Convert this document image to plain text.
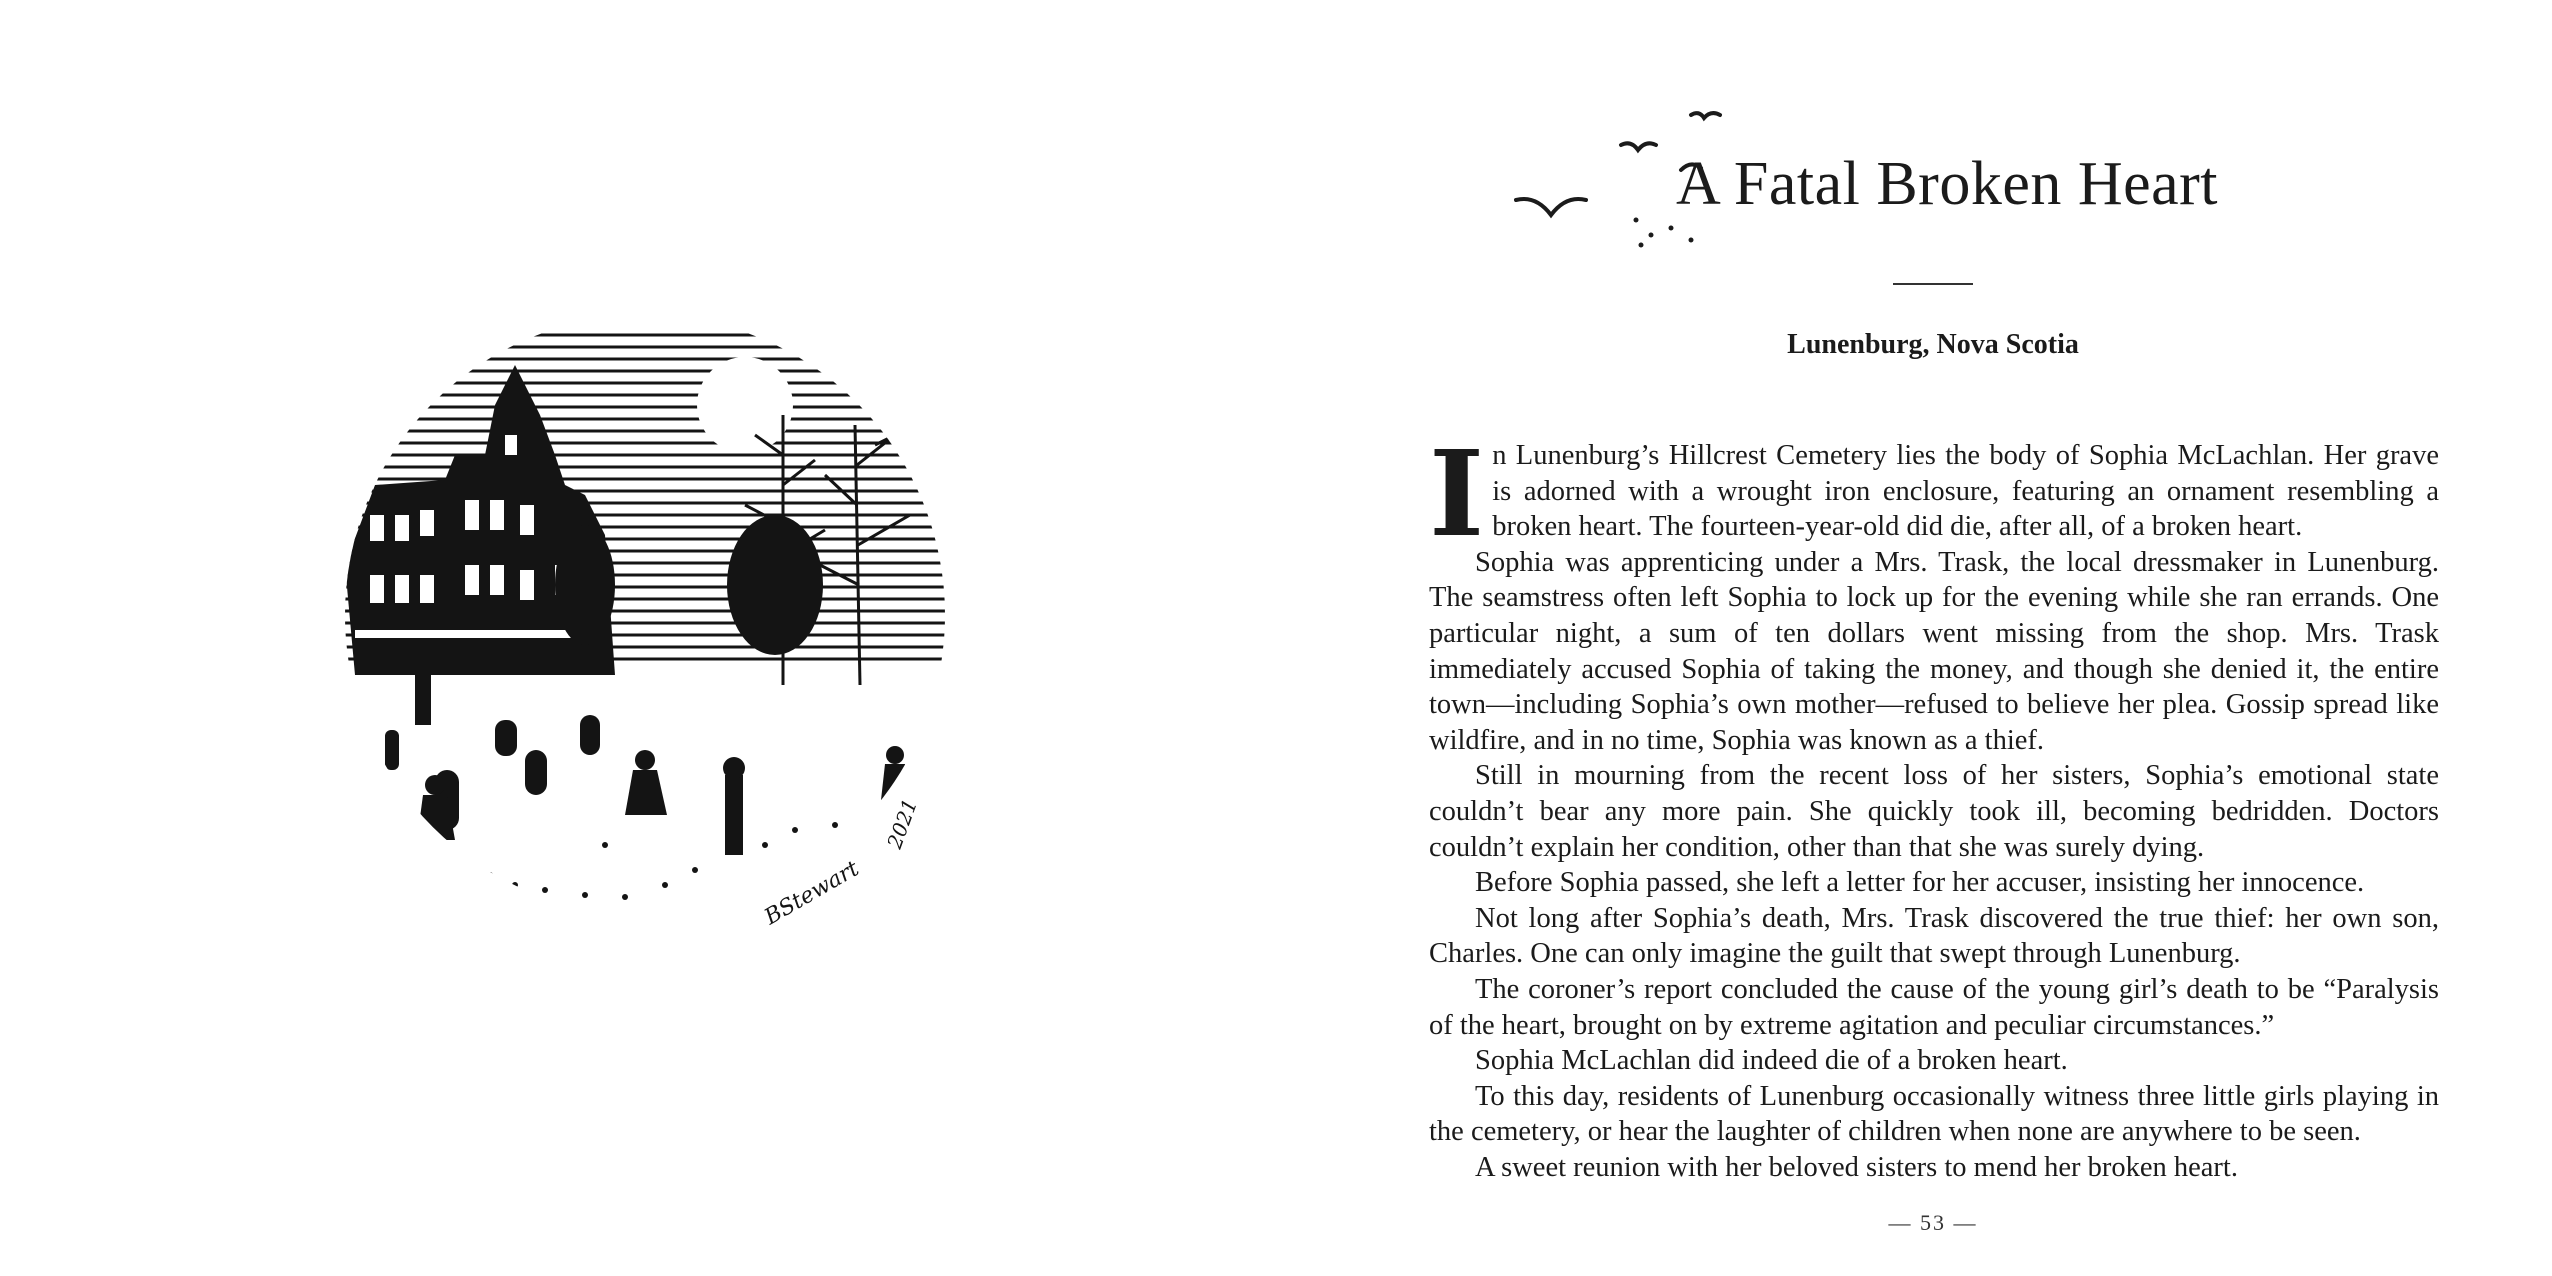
BStewart
2021
A Fatal Broken Heart
Lunenburg, Nova Scotia

In Lunenburg’s Hillcrest Cemetery lies the body of Sophia McLachlan. Her grave is adorned with a wrought iron enclosure, featuring an ornament resembling a broken heart. The fourteen-year-old did die, after all, of a broken heart.

Sophia was apprenticing under a Mrs. Trask, the local dressmaker in Lunenburg. The seamstress often left Sophia to lock up for the evening while she ran errands. One particular night, a sum of ten dollars went missing from the shop. Mrs. Trask immediately accused Sophia of taking the money, and though she denied it, the entire town—including Sophia’s own mother—refused to believe her plea. Gossip spread like wildfire, and in no time, Sophia was known as a thief.

Still in mourning from the recent loss of her sisters, Sophia’s emotional state couldn’t bear any more pain. She quickly took ill, becoming bedridden. Doctors couldn’t explain her condition, other than that she was surely dying.

Before Sophia passed, she left a letter for her accuser, insisting her innocence.

Not long after Sophia’s death, Mrs. Trask discovered the true thief: her own son, Charles. One can only imagine the guilt that swept through Lunenburg.

The coroner’s report concluded the cause of the young girl’s death to be “Paralysis of the heart, brought on by extreme agitation and peculiar circumstances.”

Sophia McLachlan did indeed die of a broken heart.

To this day, residents of Lunenburg occasionally witness three little girls playing in the cemetery, or hear the laughter of children when none are anywhere to be seen.

A sweet reunion with her beloved sisters to mend her broken heart.

— 53 —
